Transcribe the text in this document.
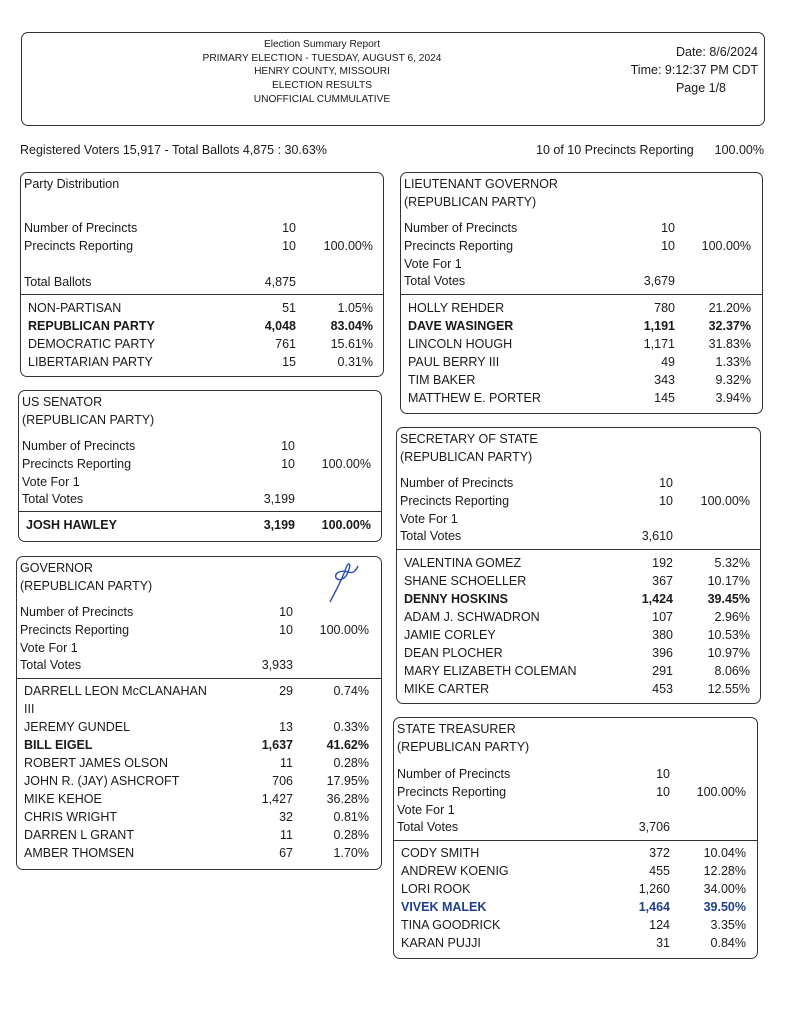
Election Summary Report
PRIMARY ELECTION - TUESDAY, AUGUST 6, 2024
HENRY COUNTY, MISSOURI
ELECTION RESULTS
UNOFFICIAL CUMMULATIVE
Date: 8/6/2024
Time: 9:12:37 PM CDT
Page 1/8
Registered Voters 15,917 - Total Ballots 4,875 : 30.63%	10 of 10 Precincts Reporting	100.00%
Party Distribution
Number of Precincts	10
Precincts Reporting	10	100.00%
Total Ballots	4,875
NON-PARTISAN	51	1.05%
REPUBLICAN PARTY	4,048	83.04%
DEMOCRATIC PARTY	761	15.61%
LIBERTARIAN PARTY	15	0.31%
US SENATOR
(REPUBLICAN PARTY)
Number of Precincts	10
Precincts Reporting	10	100.00%
Vote For 1
Total Votes	3,199
JOSH HAWLEY	3,199	100.00%
GOVERNOR
(REPUBLICAN PARTY)
Number of Precincts	10
Precincts Reporting	10	100.00%
Vote For 1
Total Votes	3,933
DARRELL LEON McCLANAHAN	29	0.74%
III
JEREMY GUNDEL	13	0.33%
BILL EIGEL	1,637	41.62%
ROBERT JAMES OLSON	11	0.28%
JOHN R. (JAY) ASHCROFT	706	17.95%
MIKE KEHOE	1,427	36.28%
CHRIS WRIGHT	32	0.81%
DARREN L GRANT	11	0.28%
AMBER THOMSEN	67	1.70%
LIEUTENANT GOVERNOR
(REPUBLICAN PARTY)
Number of Precincts	10
Precincts Reporting	10	100.00%
Vote For 1
Total Votes	3,679
HOLLY REHDER	780	21.20%
DAVE WASINGER	1,191	32.37%
LINCOLN HOUGH	1,171	31.83%
PAUL BERRY III	49	1.33%
TIM BAKER	343	9.32%
MATTHEW E. PORTER	145	3.94%
SECRETARY OF STATE
(REPUBLICAN PARTY)
Number of Precincts	10
Precincts Reporting	10	100.00%
Vote For 1
Total Votes	3,610
VALENTINA GOMEZ	192	5.32%
SHANE SCHOELLER	367	10.17%
DENNY HOSKINS	1,424	39.45%
ADAM J. SCHWADRON	107	2.96%
JAMIE CORLEY	380	10.53%
DEAN PLOCHER	396	10.97%
MARY ELIZABETH COLEMAN	291	8.06%
MIKE CARTER	453	12.55%
STATE TREASURER
(REPUBLICAN PARTY)
Number of Precincts	10
Precincts Reporting	10	100.00%
Vote For 1
Total Votes	3,706
CODY SMITH	372	10.04%
ANDREW KOENIG	455	12.28%
LORI ROOK	1,260	34.00%
VIVEK MALEK	1,464	39.50%
TINA GOODRICK	124	3.35%
KARAN PUJJI	31	0.84%
